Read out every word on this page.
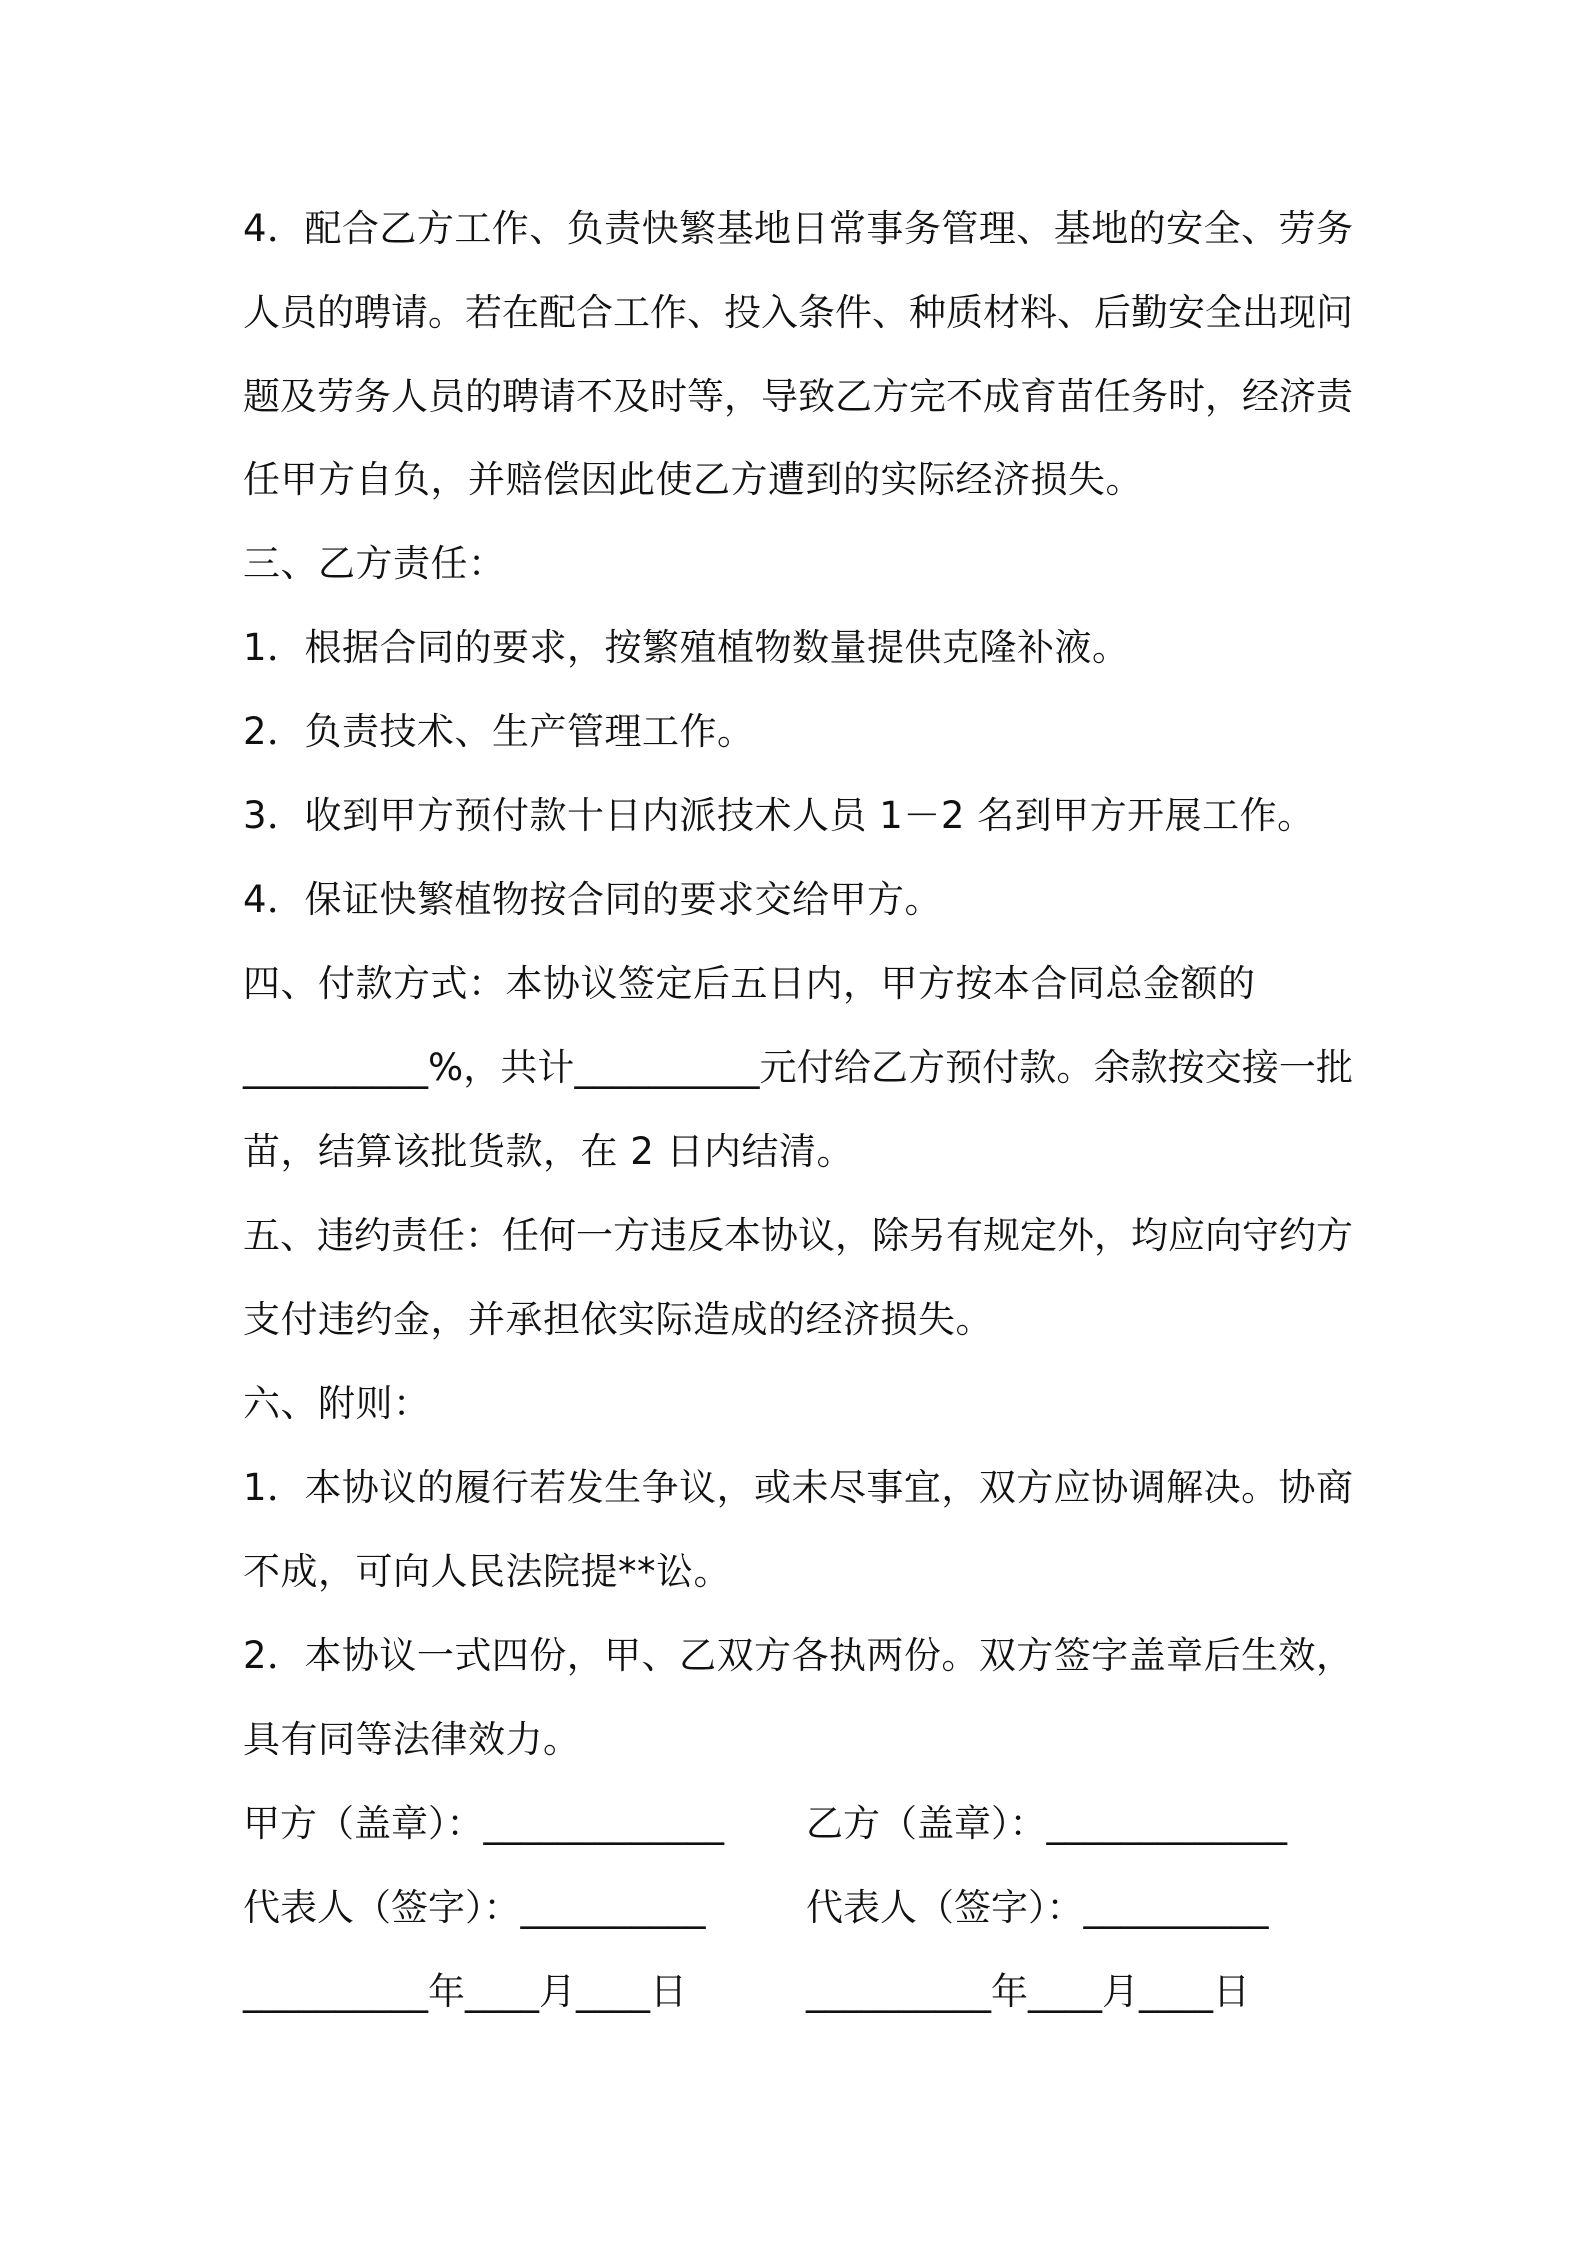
4．配合乙方工作、负责快繁基地日常事务管理、基地的安全、劳务
人员的聘请。若在配合工作、投入条件、种质材料、后勤安全出现问
题及劳务人员的聘请不及时等，导致乙方完不成育苗任务时，经济责
任甲方自负，并赔偿因此使乙方遭到的实际经济损失。
三、乙方责任：
1．根据合同的要求，按繁殖植物数量提供克隆补液。
2．负责技术、生产管理工作。
3．收到甲方预付款十日内派技术人员 1－2 名到甲方开展工作。
4．保证快繁植物按合同的要求交给甲方。
四、付款方式：本协议签定后五日内，甲方按本合同总金额的
__________%，共计__________元付给乙方预付款。余款按交接一批
苗，结算该批货款，在 2 日内结清。
五、违约责任：任何一方违反本协议，除另有规定外，均应向守约方
支付违约金，并承担依实际造成的经济损失。
六、附则：
1．本协议的履行若发生争议，或未尽事宜，双方应协调解决。协商
不成，可向人民法院提**讼。
2．本协议一式四份，甲、乙双方各执两份。双方签字盖章后生效，
具有同等法律效力。
甲方（盖章）：_____________ 乙方（盖章）：_____________
代表人（签字）：__________	代表人（签字）：__________
__________年____月____日	__________年____月____日
